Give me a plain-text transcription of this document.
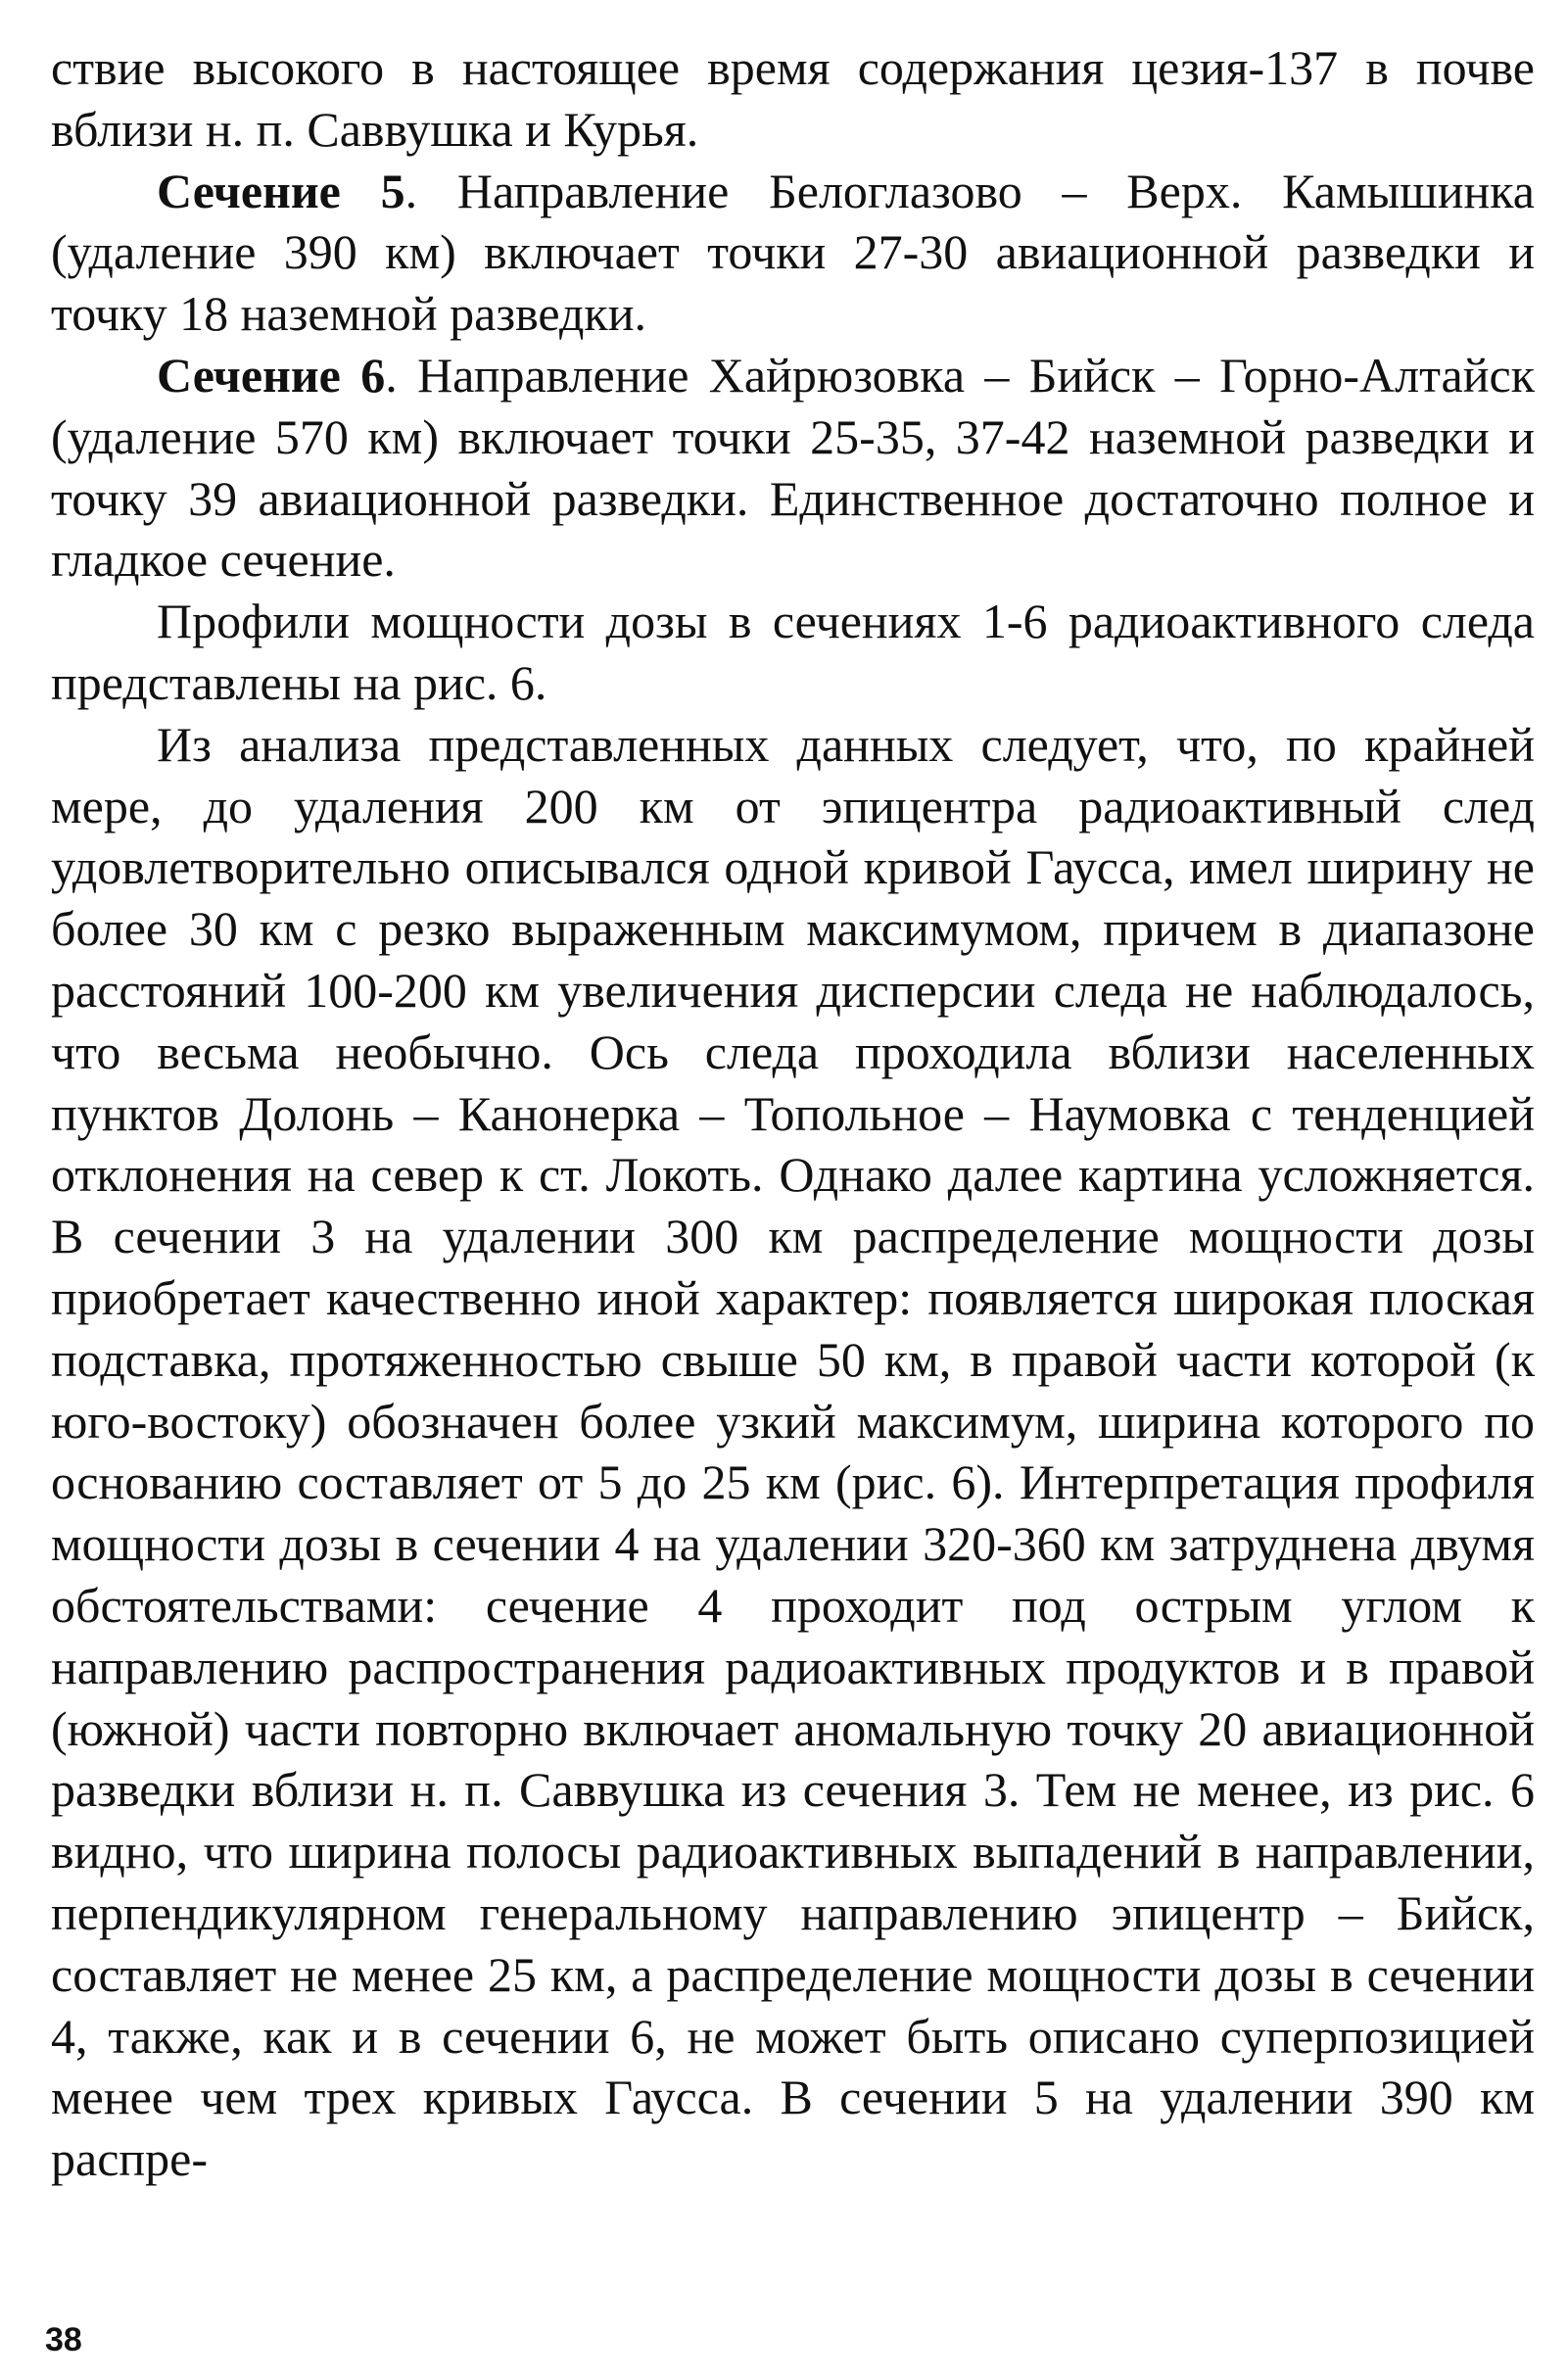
ствие высокого в настоящее время содержания цезия-137 в почве вблизи н. п. Саввушка и Курья.

Сечение 5. Направление Белоглазово – Верх. Камышинка (удаление 390 км) включает точки 27-30 авиационной разведки и точку 18 наземной разведки.

Сечение 6. Направление Хайрюзовка – Бийск – Горно-Алтайск (удаление 570 км) включает точки 25-35, 37-42 наземной разведки и точку 39 авиационной разведки. Единственное достаточно полное и гладкое сечение.

Профили мощности дозы в сечениях 1-6 радиоактивного следа представлены на рис. 6.

Из анализа представленных данных следует, что, по крайней мере, до удаления 200 км от эпицентра радиоактивный след удовлетворительно описывался одной кривой Гаусса, имел ширину не более 30 км с резко выраженным максимумом, причем в диапазоне расстояний 100-200 км увеличения дисперсии следа не наблюдалось, что весьма необычно. Ось следа проходила вблизи населенных пунктов Долонь – Канонерка – Топольное – Наумовка с тенденцией отклонения на север к ст. Локоть. Однако далее картина усложняется. В сечении 3 на удалении 300 км распределение мощности дозы приобретает качественно иной характер: появляется широкая плоская подставка, протяженностью свыше 50 км, в правой части которой (к юго-востоку) обозначен более узкий максимум, ширина которого по основанию составляет от 5 до 25 км (рис. 6). Интерпретация профиля мощности дозы в сечении 4 на удалении 320-360 км затруднена двумя обстоятельствами: сечение 4 проходит под острым углом к направлению распространения радиоактивных продуктов и в правой (южной) части повторно включает аномальную точку 20 авиационной разведки вблизи н. п. Саввушка из сечения 3. Тем не менее, из рис. 6 видно, что ширина полосы радиоактивных выпадений в направлении, перпендикулярном генеральному направлению эпицентр – Бийск, составляет не менее 25 км, а распределение мощности дозы в сечении 4, также, как и в сечении 6, не может быть описано суперпозицией менее чем трех кривых Гаусса. В сечении 5 на удалении 390 км распре-

38
